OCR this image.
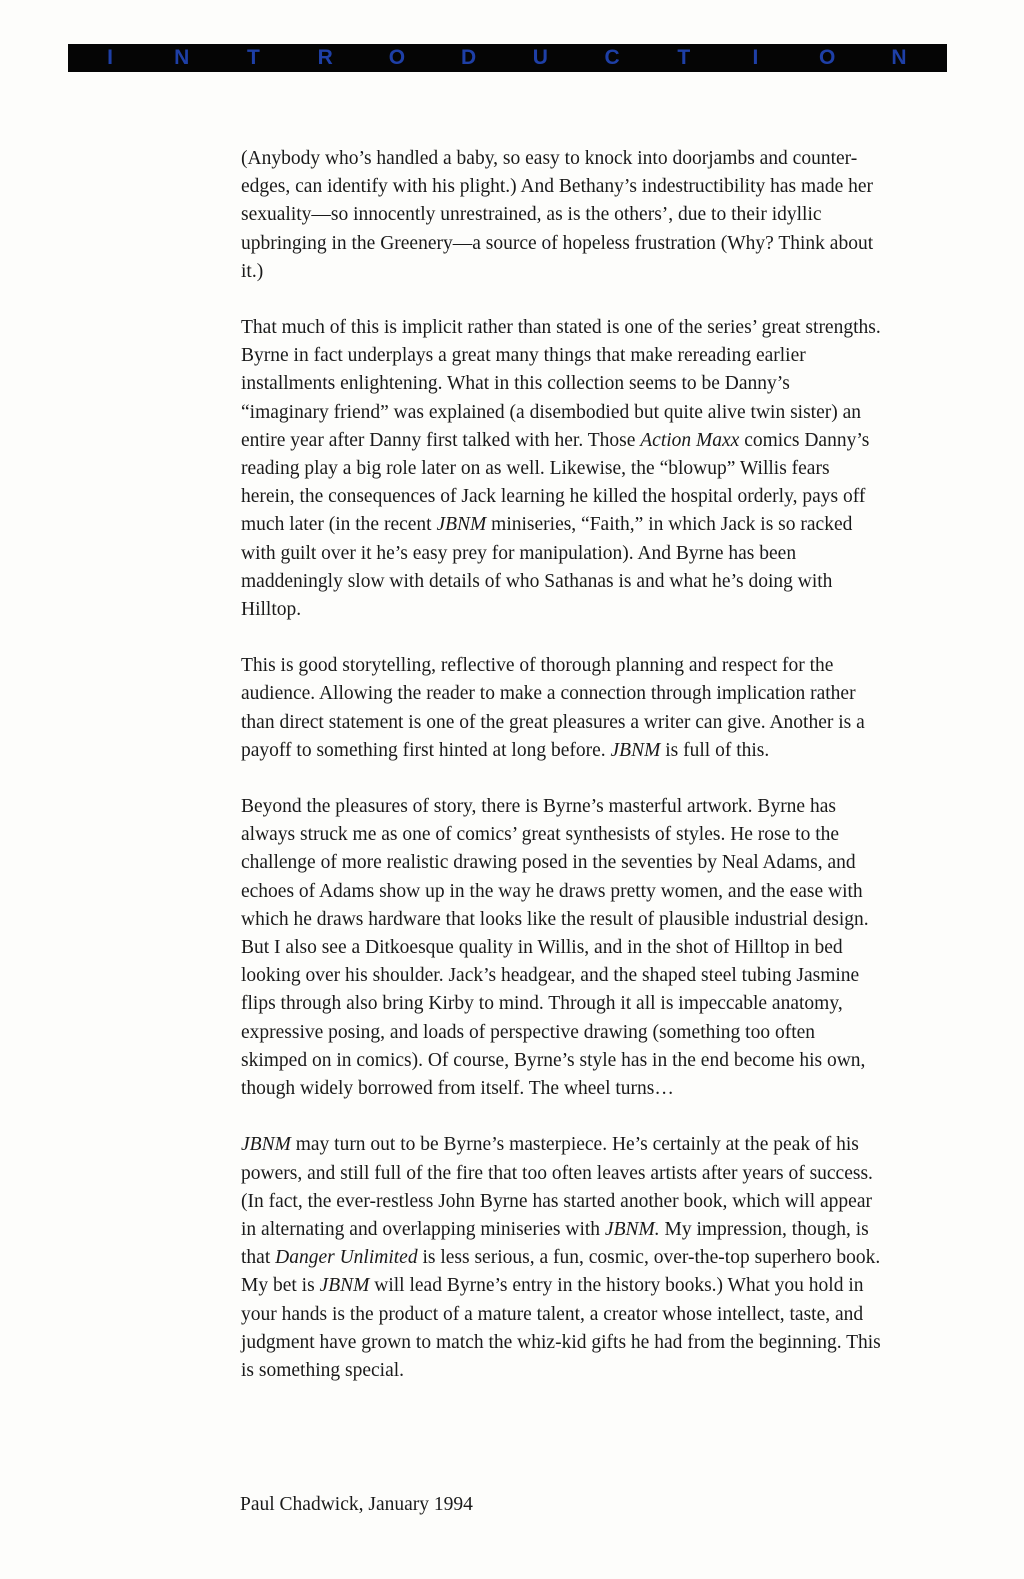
I	N	T	R	O	D	U	C	T	I	O	N

(Anybody who’s handled a baby, so easy to knock into doorjambs and counter-edges, can identify with his plight.) And Bethany’s indestructibility has made her sexuality—so innocently unrestrained, as is the others’, due to their idyllic upbringing in the Greenery—a source of hopeless frustration (Why? Think about it.)

That much of this is implicit rather than stated is one of the series’ great strengths. Byrne in fact underplays a great many things that make rereading earlier installments enlightening. What in this collection seems to be Danny’s “imaginary friend” was explained (a disembodied but quite alive twin sister) an entire year after Danny first talked with her. Those Action Maxx comics Danny’s reading play a big role later on as well. Likewise, the “blowup” Willis fears herein, the consequences of Jack learning he killed the hospital orderly, pays off much later (in the recent JBNM miniseries, “Faith,” in which Jack is so racked with guilt over it he’s easy prey for manipulation). And Byrne has been maddeningly slow with details of who Sathanas is and what he’s doing with Hilltop.

This is good storytelling, reflective of thorough planning and respect for the audience. Allowing the reader to make a connection through implication rather than direct statement is one of the great pleasures a writer can give. Another is a payoff to something first hinted at long before. JBNM is full of this.

Beyond the pleasures of story, there is Byrne’s masterful artwork. Byrne has always struck me as one of comics’ great synthesists of styles. He rose to the challenge of more realistic drawing posed in the seventies by Neal Adams, and echoes of Adams show up in the way he draws pretty women, and the ease with which he draws hardware that looks like the result of plausible industrial design. But I also see a Ditkoesque quality in Willis, and in the shot of Hilltop in bed looking over his shoulder. Jack’s headgear, and the shaped steel tubing Jasmine flips through also bring Kirby to mind. Through it all is impeccable anatomy, expressive posing, and loads of perspective drawing (something too often skimped on in comics). Of course, Byrne’s style has in the end become his own, though widely borrowed from itself. The wheel turns…

JBNM may turn out to be Byrne’s masterpiece. He’s certainly at the peak of his powers, and still full of the fire that too often leaves artists after years of success. (In fact, the ever-restless John Byrne has started another book, which will appear in alternating and overlapping miniseries with JBNM. My impression, though, is that Danger Unlimited is less serious, a fun, cosmic, over-the-top superhero book. My bet is JBNM will lead Byrne’s entry in the history books.) What you hold in your hands is the product of a mature talent, a creator whose intellect, taste, and judgment have grown to match the whiz-kid gifts he had from the beginning. This is something special.

Paul Chadwick, January 1994
